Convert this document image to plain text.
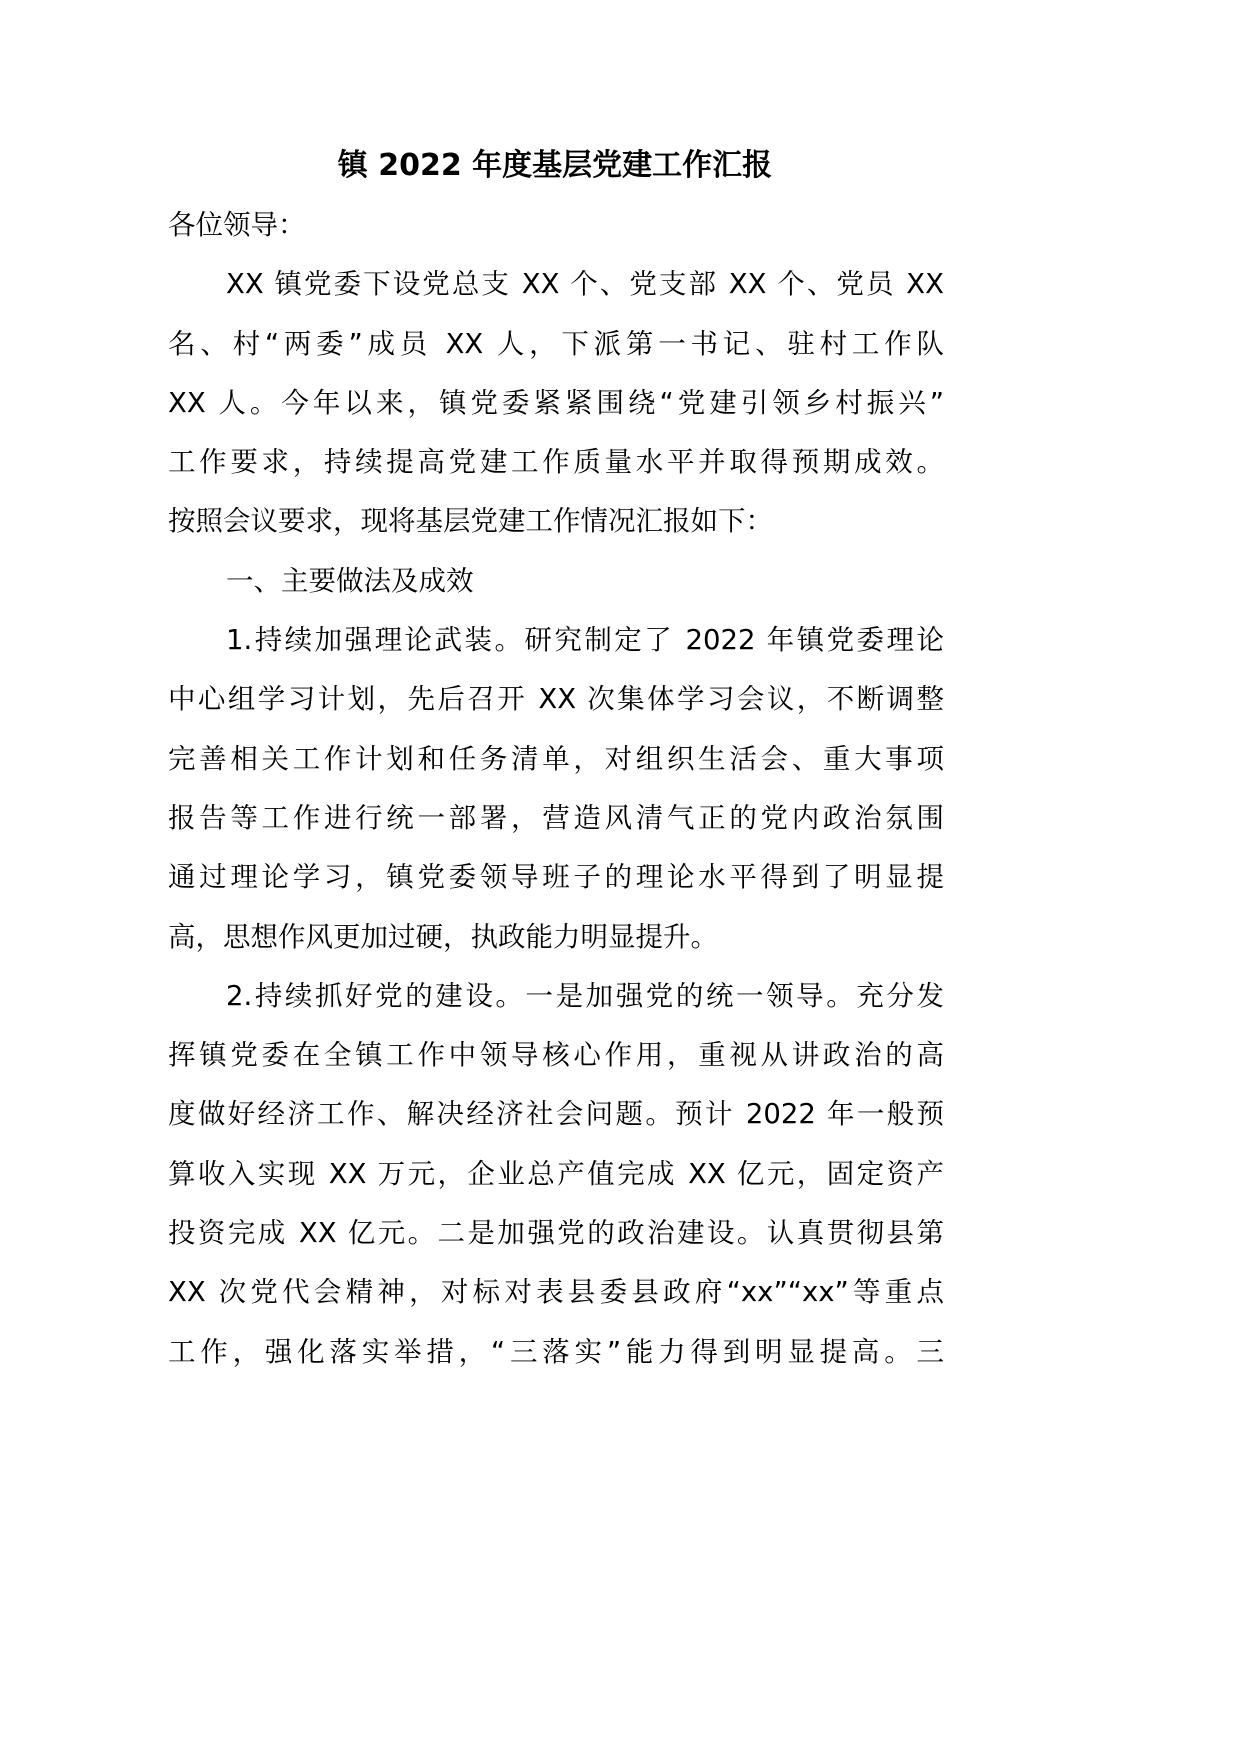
镇 2022 年度基层党建工作汇报
各位领导：
XX 镇党委下设党总支 XX 个、党支部 XX 个、党员 XX
名、村“两委”成员 XX 人，下派第一书记、驻村工作队
XX 人。今年以来，镇党委紧紧围绕“党建引领乡村振兴”
工作要求，持续提高党建工作质量水平并取得预期成效。
按照会议要求，现将基层党建工作情况汇报如下：
一、主要做法及成效
1.持续加强理论武装。研究制定了 2022 年镇党委理论
中心组学习计划，先后召开 XX 次集体学习会议，不断调整
完善相关工作计划和任务清单，对组织生活会、重大事项
报告等工作进行统一部署，营造风清气正的党内政治氛围
通过理论学习，镇党委领导班子的理论水平得到了明显提
高，思想作风更加过硬，执政能力明显提升。
2.持续抓好党的建设。一是加强党的统一领导。充分发
挥镇党委在全镇工作中领导核心作用，重视从讲政治的高
度做好经济工作、解决经济社会问题。预计 2022 年一般预
算收入实现 XX 万元，企业总产值完成 XX 亿元，固定资产
投资完成 XX 亿元。二是加强党的政治建设。认真贯彻县第
XX 次党代会精神，对标对表县委县政府“xx”“xx”等重点
工作，强化落实举措，“三落实”能力得到明显提高。三
